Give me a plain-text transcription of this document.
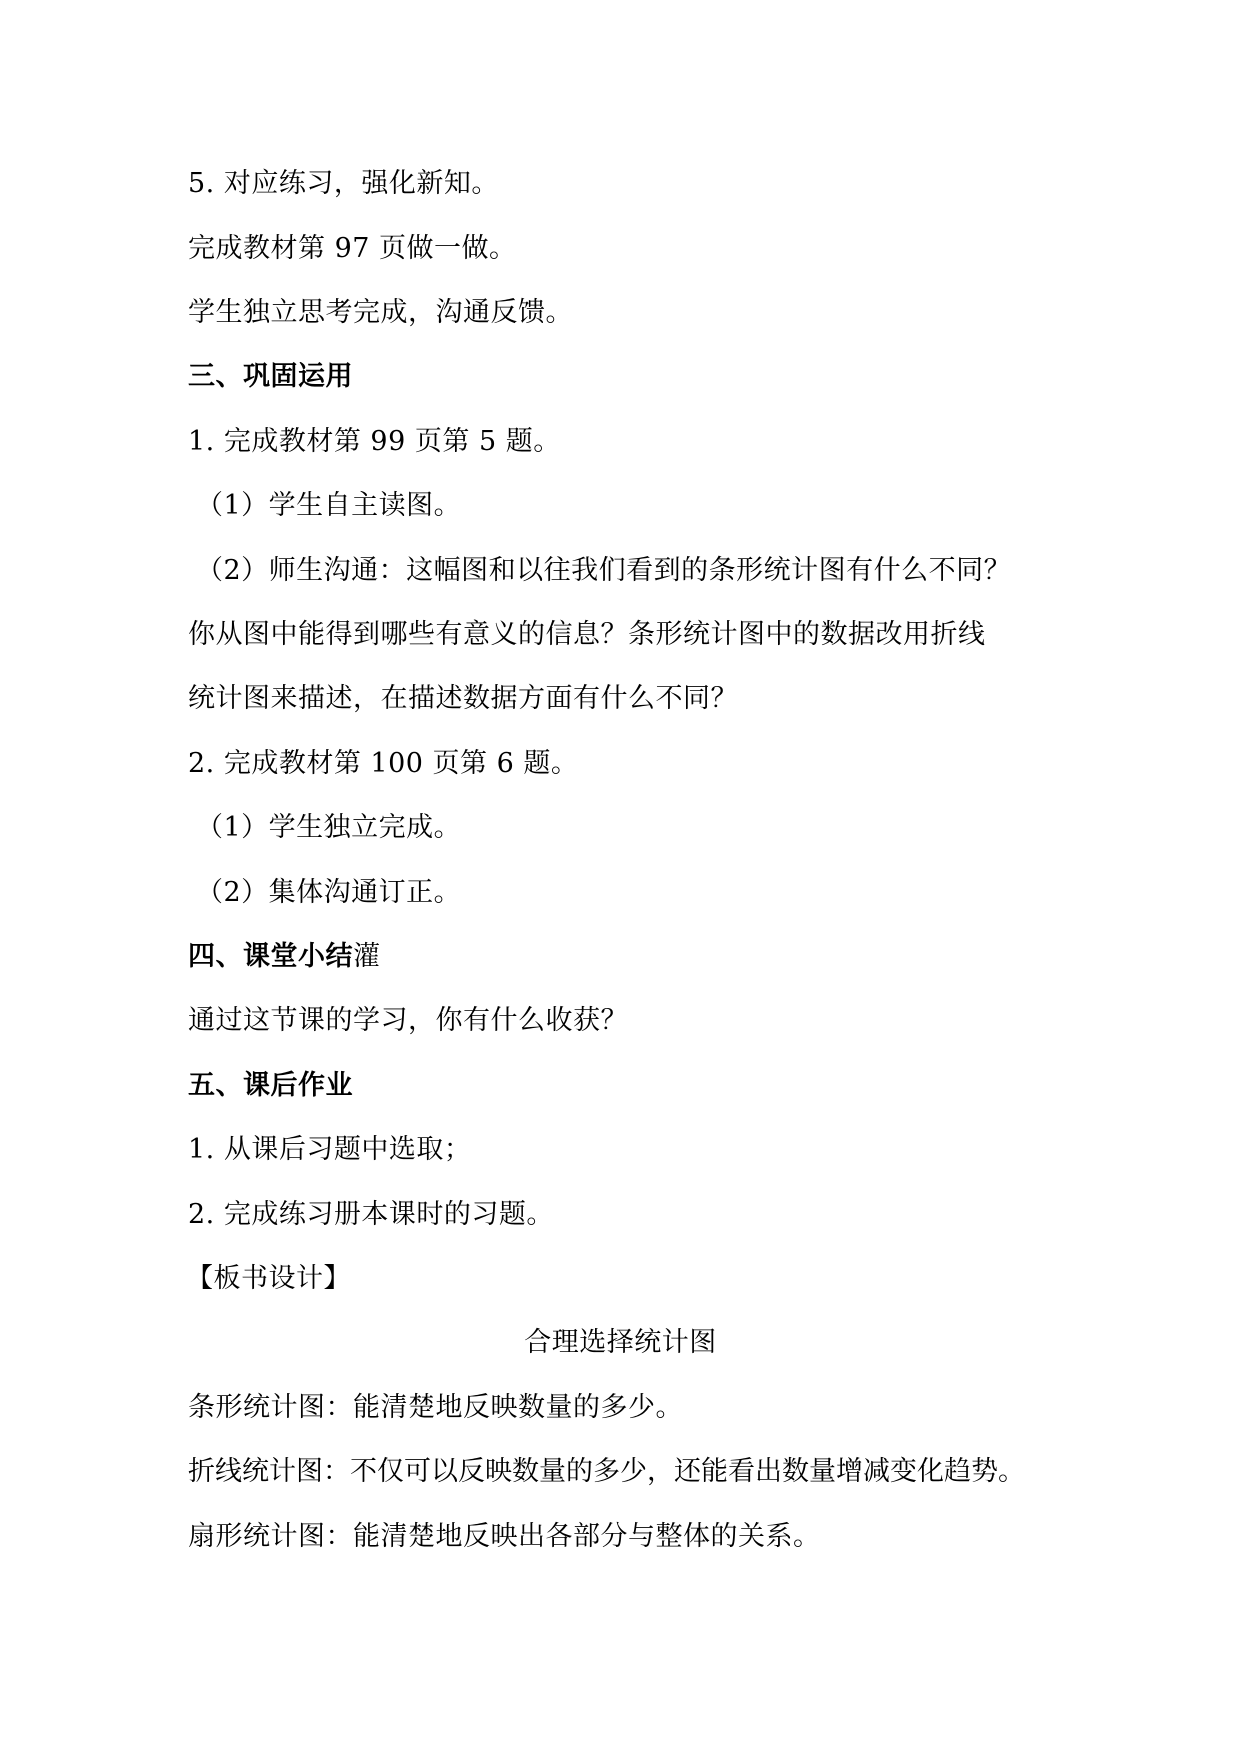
5. 对应练习，强化新知。
完成教材第 97 页做一做。
学生独立思考完成，沟通反馈。
三、巩固运用
1. 完成教材第 99 页第 5 题。
（1）学生自主读图。
（2）师生沟通：这幅图和以往我们看到的条形统计图有什么不同？
你从图中能得到哪些有意义的信息？条形统计图中的数据改用折线
统计图来描述，在描述数据方面有什么不同？
2. 完成教材第 100 页第 6 题。
（1）学生独立完成。
（2）集体沟通订正。
四、课堂小结灌
通过这节课的学习，你有什么收获？
五、课后作业
1. 从课后习题中选取；
2. 完成练习册本课时的习题。
【板书设计】
合理选择统计图
条形统计图：能清楚地反映数量的多少。
折线统计图：不仅可以反映数量的多少，还能看出数量增减变化趋势。
扇形统计图：能清楚地反映出各部分与整体的关系。
